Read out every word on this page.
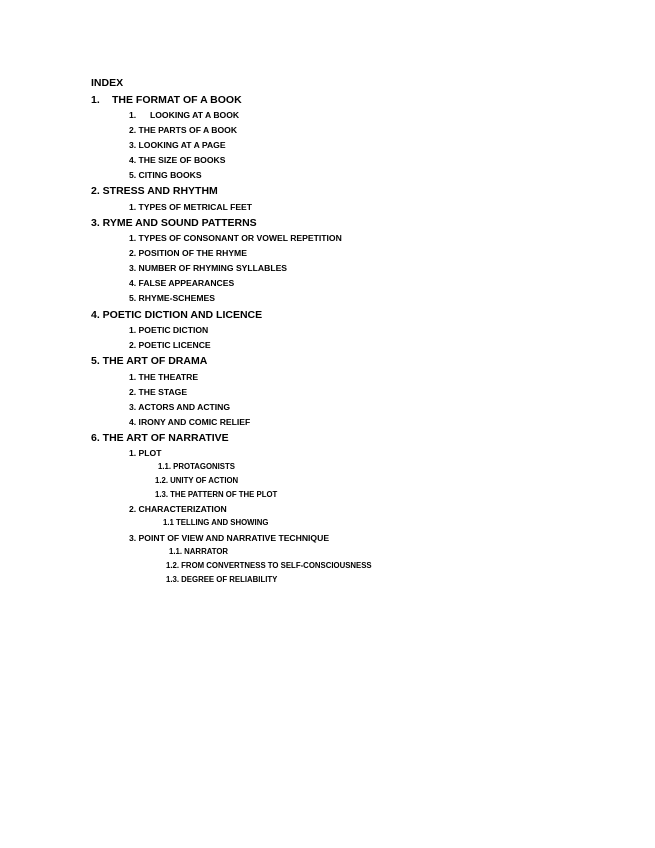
INDEX
1. THE FORMAT OF A BOOK
1. LOOKING AT A BOOK
2. THE PARTS OF A BOOK
3. LOOKING AT A PAGE
4. THE SIZE OF BOOKS
5. CITING BOOKS
2. STRESS AND RHYTHM
1. TYPES OF METRICAL FEET
3. RYME AND SOUND PATTERNS
1. TYPES OF CONSONANT OR VOWEL REPETITION
2. POSITION OF THE RHYME
3. NUMBER OF RHYMING SYLLABLES
4. FALSE APPEARANCES
5. RHYME-SCHEMES
4. POETIC DICTION AND LICENCE
1. POETIC DICTION
2. POETIC LICENCE
5. THE ART OF DRAMA
1. THE THEATRE
2. THE STAGE
3. ACTORS AND ACTING
4. IRONY AND COMIC RELIEF
6. THE ART OF NARRATIVE
1. PLOT
1.1. PROTAGONISTS
1.2. UNITY OF ACTION
1.3. THE PATTERN OF THE PLOT
2. CHARACTERIZATION
1.1 TELLING AND SHOWING
3. POINT OF VIEW AND NARRATIVE TECHNIQUE
1.1. NARRATOR
1.2. FROM CONVERTNESS TO SELF-CONSCIOUSNESS
1.3. DEGREE OF RELIABILITY
